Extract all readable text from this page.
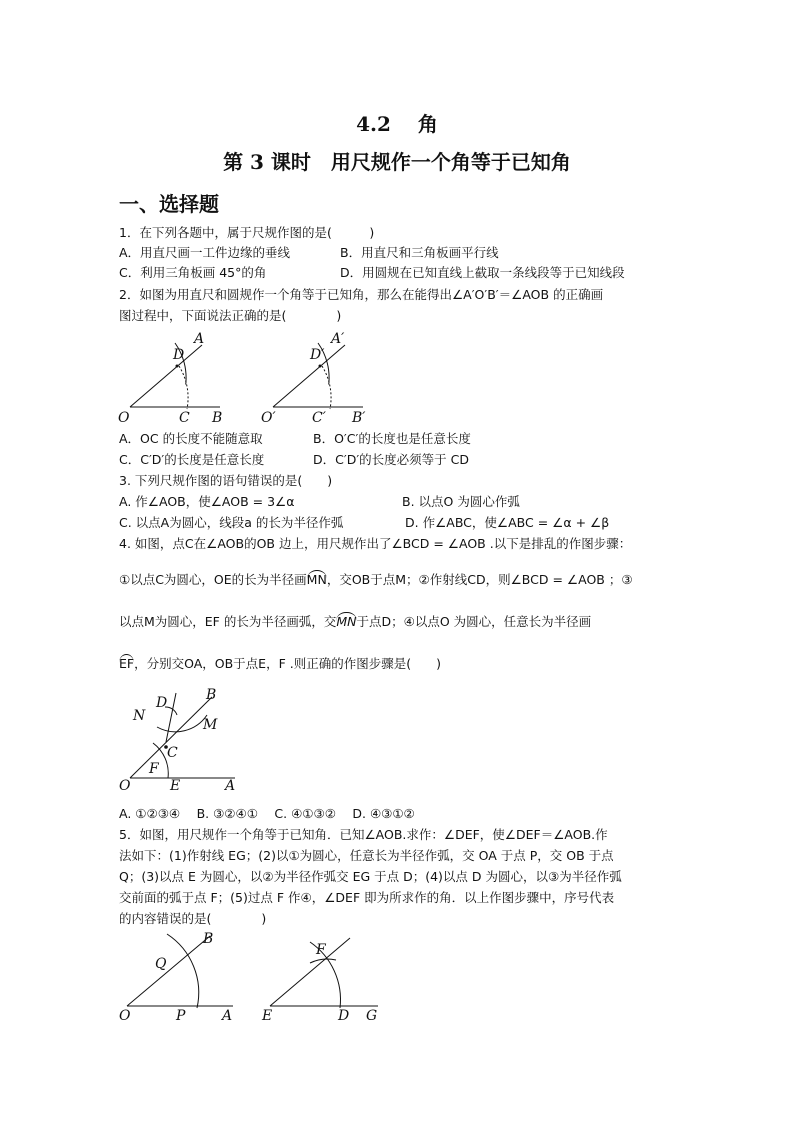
4.2　 角
第 3 课时　用尺规作一个角等于已知角
一、选择题
1．在下列各题中，属于尺规作图的是(　　　)
A．用直尺画一工件边缘的垂线	B．用直尺和三角板画平行线
C．利用三角板画 45°的角	D．用圆规在已知直线上截取一条线段等于已知线段
2．如图为用直尺和圆规作一个角等于已知角，那么在能得出∠A′O′B′＝∠AOB 的正确画
图过程中，下面说法正确的是(　　　　)
O	C B
D
A
O′	C′ B′
D′
A′
A．OC 的长度不能随意取	B．O′C′的长度也是任意长度
C．C′D′的长度是任意长度	D．C′D′的长度必须等于 CD
3. 下列尺规作图的语句错误的是(　　)
A. 作∠AOB，使∠AOB = 3∠α	B. 以点O 为圆心作弧
C. 以点A为圆心，线段a 的长为半径作弧	D. 作∠ABC，使∠ABC = ∠α + ∠β
4. 如图，点C在∠AOB的OB 边上，用尺规作出了∠BCD = ∠AOB .以下是排乱的作图步骤：
①以点C为圆心，OE的长为半径画MN，交OB于点M；②作射线CD，则∠BCD = ∠AOB ；③
以点M为圆心，EF 的长为半径画弧，交MN于点D；④以点O 为圆心，任意长为半径画
EF，分别交OA，OB于点E，F .则正确的作图步骤是(　　)
N
D	B
M
C
F
O	E	A
A. ①②③④　 B. ③②④①　 C. ④①③②　 D. ④③①②
5．如图，用尺规作一个角等于已知角．已知∠AOB.求作：∠DEF，使∠DEF＝∠AOB.作
法如下：(1)作射线 EG；(2)以①为圆心，任意长为半径作弧，交 OA 于点 P，交 OB 于点
Q；(3)以点 E 为圆心，以②为半径作弧交 EG 于点 D；(4)以点 D 为圆心，以③为半径作弧
交前面的弧于点 F；(5)过点 F 作④，∠DEF 即为所求作的角．以上作图步骤中，序号代表
的内容错误的是(　　　　)
B
Q
O	P	A
F
E	D G
